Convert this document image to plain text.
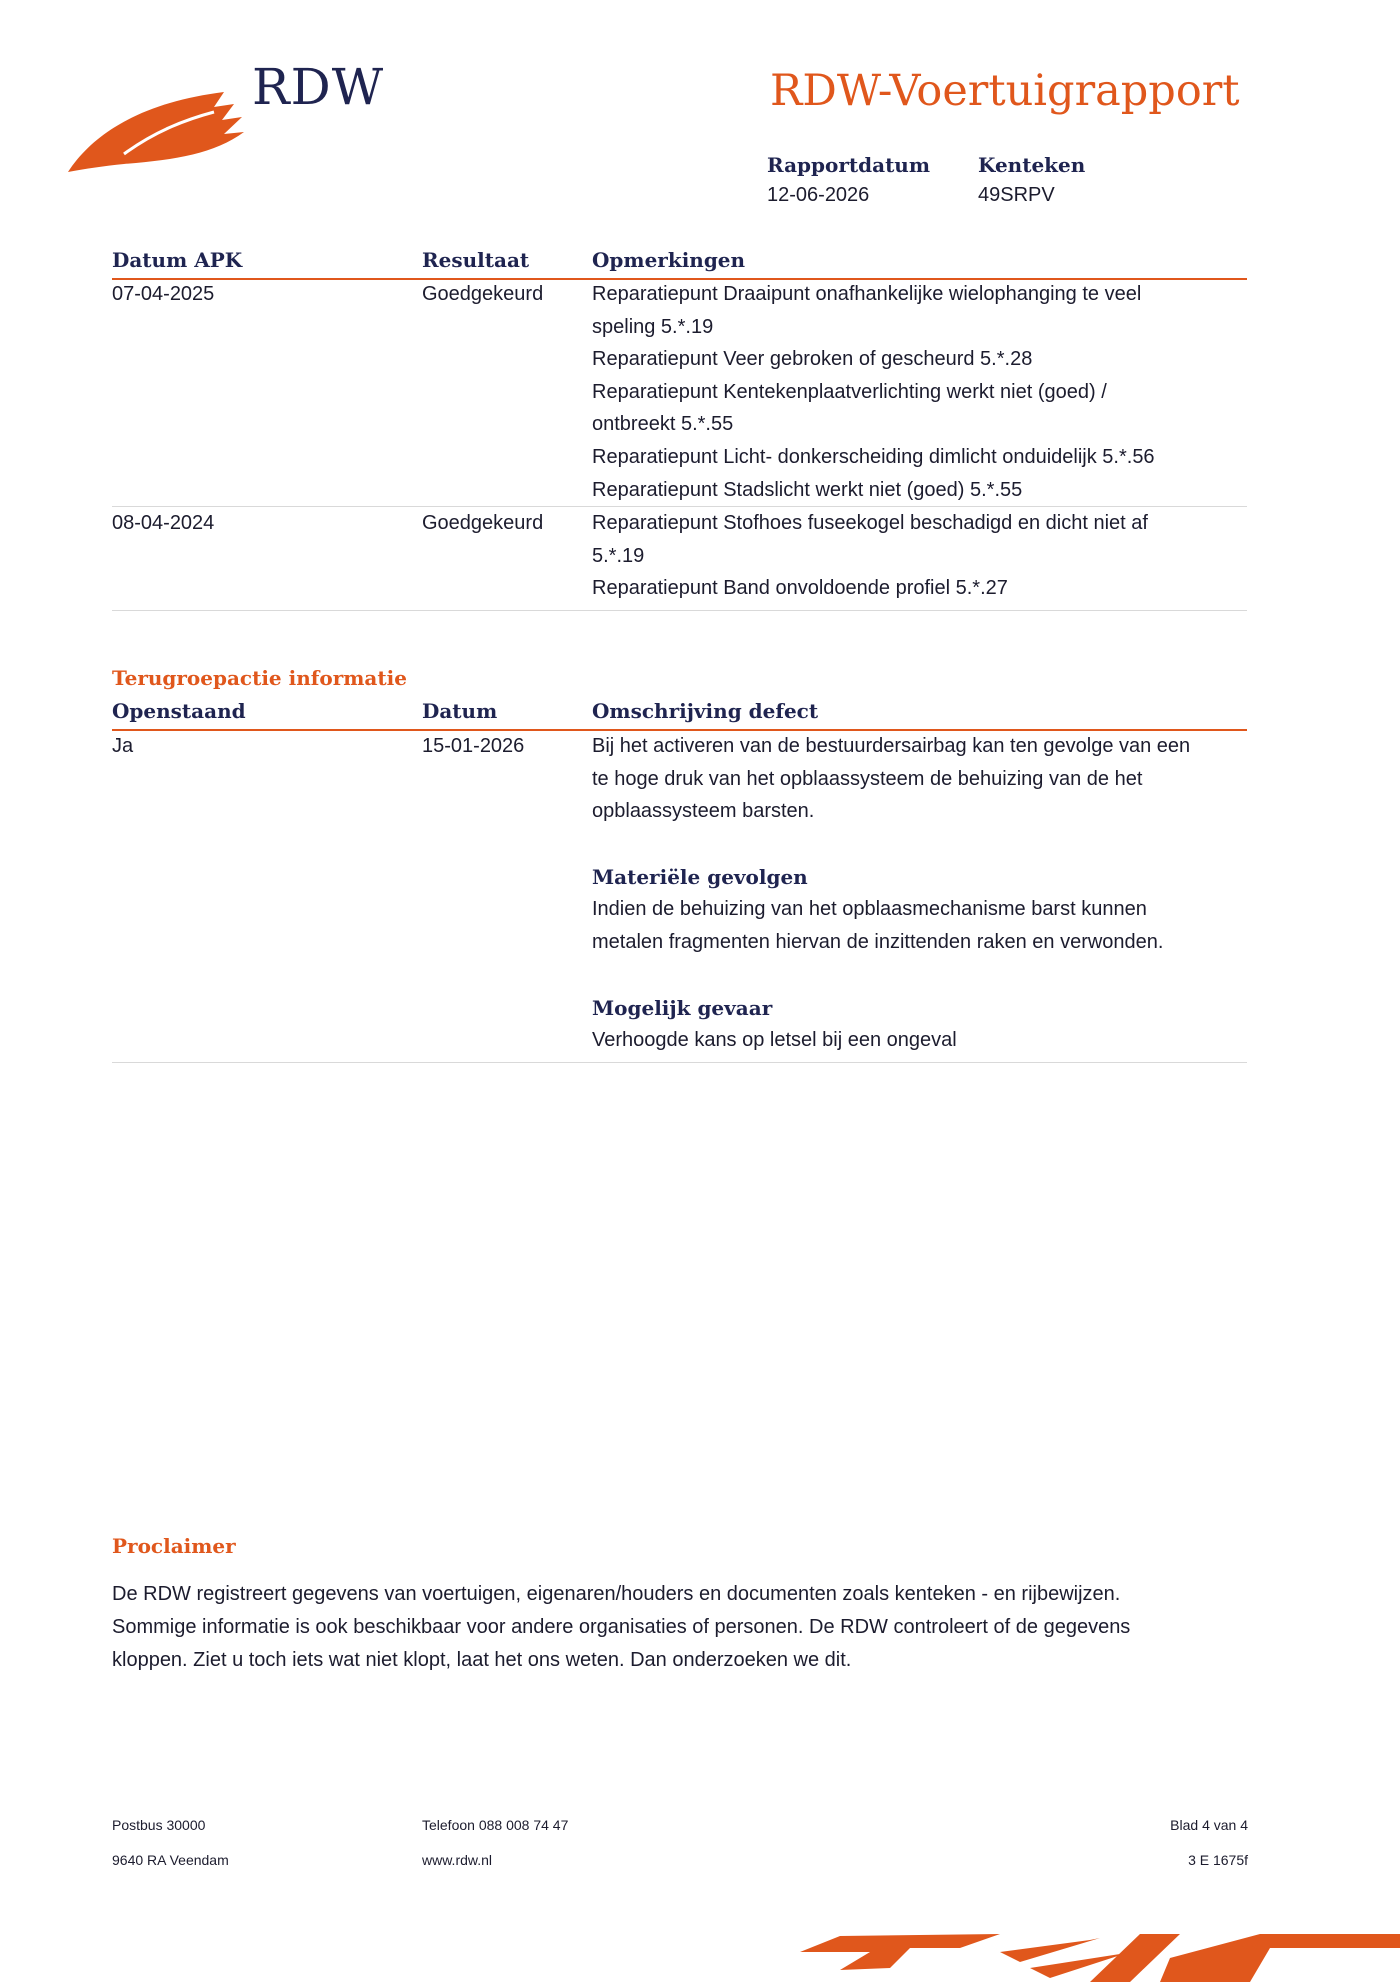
RDW	RDW-Voertuigrapport
Rapportdatum
12-06-2026
Kenteken
49SRPV
Datum APK	Resultaat	Opmerkingen
07-04-2025	Goedgekeurd Reparatiepunt Draaipunt onafhankelijke wielophanging te veel
speling 5.*.19
Reparatiepunt Veer gebroken of gescheurd 5.*.28
Reparatiepunt Kentekenplaatverlichting werkt niet (goed) /
ontbreekt 5.*.55
Reparatiepunt Licht- donkerscheiding dimlicht onduidelijk 5.*.56
Reparatiepunt Stadslicht werkt niet (goed) 5.*.55
08-04-2024	Goedgekeurd Reparatiepunt Stofhoes fuseekogel beschadigd en dicht niet af
5.*.19
Reparatiepunt Band onvoldoende profiel 5.*.27
Terugroepactie informatie
Openstaand	Datum	Omschrijving defect
Ja	15-01-2026	Bij het activeren van de bestuurdersairbag kan ten gevolge van een
te hoge druk van het opblaassysteem de behuizing van de het
opblaassysteem barsten.
Materiële gevolgen
Indien de behuizing van het opblaasmechanisme barst kunnen
metalen fragmenten hiervan de inzittenden raken en verwonden.
Mogelijk gevaar
Verhoogde kans op letsel bij een ongeval
Proclaimer
De RDW registreert gegevens van voertuigen, eigenaren/houders en documenten zoals kenteken - en rijbewijzen.
Sommige informatie is ook beschikbaar voor andere organisaties of personen. De RDW controleert of de gegevens
kloppen. Ziet u toch iets wat niet klopt, laat het ons weten. Dan onderzoeken we dit.
Postbus 30000
9640 RA Veendam
Telefoon 088 008 74 47
www.rdw.nl
Blad 4 van 4
3 E 1675f
